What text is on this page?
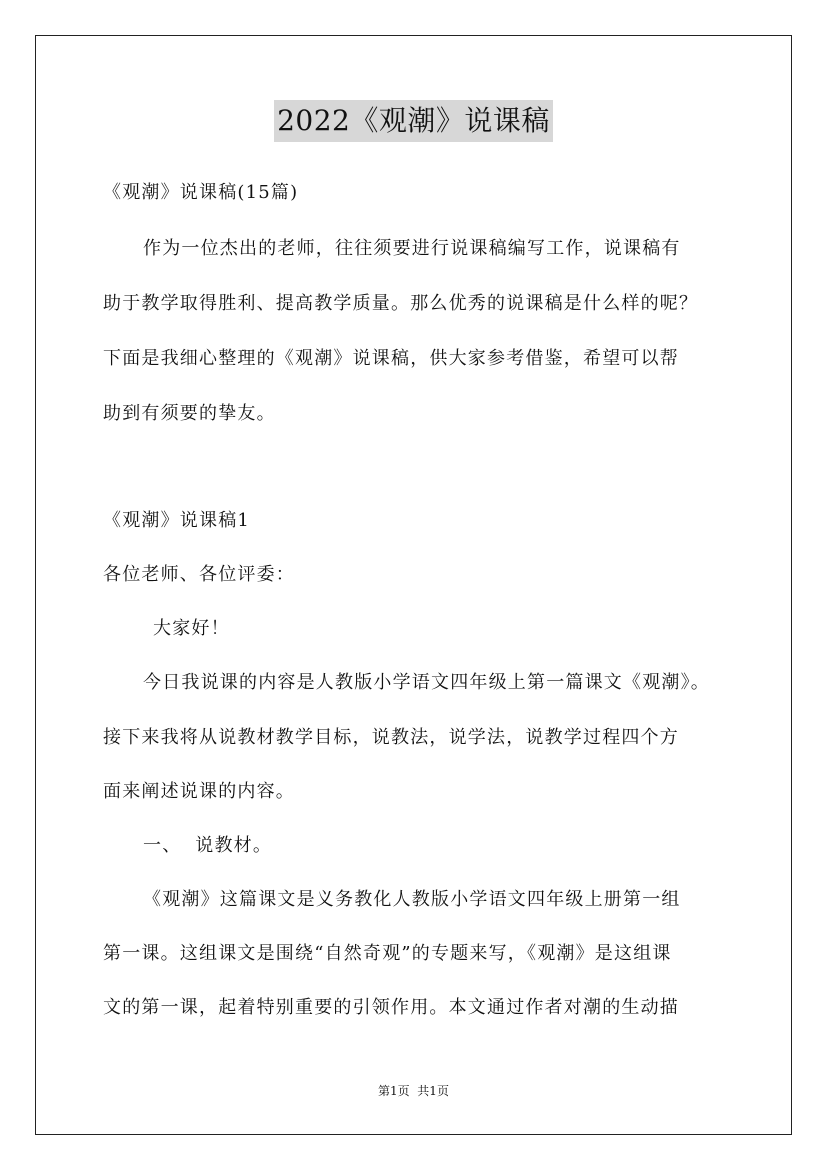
2022《观潮》说课稿
《观潮》说课稿(15篇)
作为一位杰出的老师，往往须要进行说课稿编写工作，说课稿有
助于教学取得胜利、提高教学质量。那么优秀的说课稿是什么样的呢？
下面是我细心整理的《观潮》说课稿，供大家参考借鉴，希望可以帮
助到有须要的挚友。
《观潮》说课稿1
各位老师、各位评委：
大家好！
今日我说课的内容是人教版小学语文四年级上第一篇课文《观潮》。
接下来我将从说教材教学目标，说教法，说学法，说教学过程四个方
面来阐述说课的内容。
一、  说教材。
《观潮》这篇课文是义务教化人教版小学语文四年级上册第一组
第一课。这组课文是围绕“自然奇观”的专题来写，《观潮》是这组课
文的第一课，起着特别重要的引领作用。本文通过作者对潮的生动描
第1页  共1页
